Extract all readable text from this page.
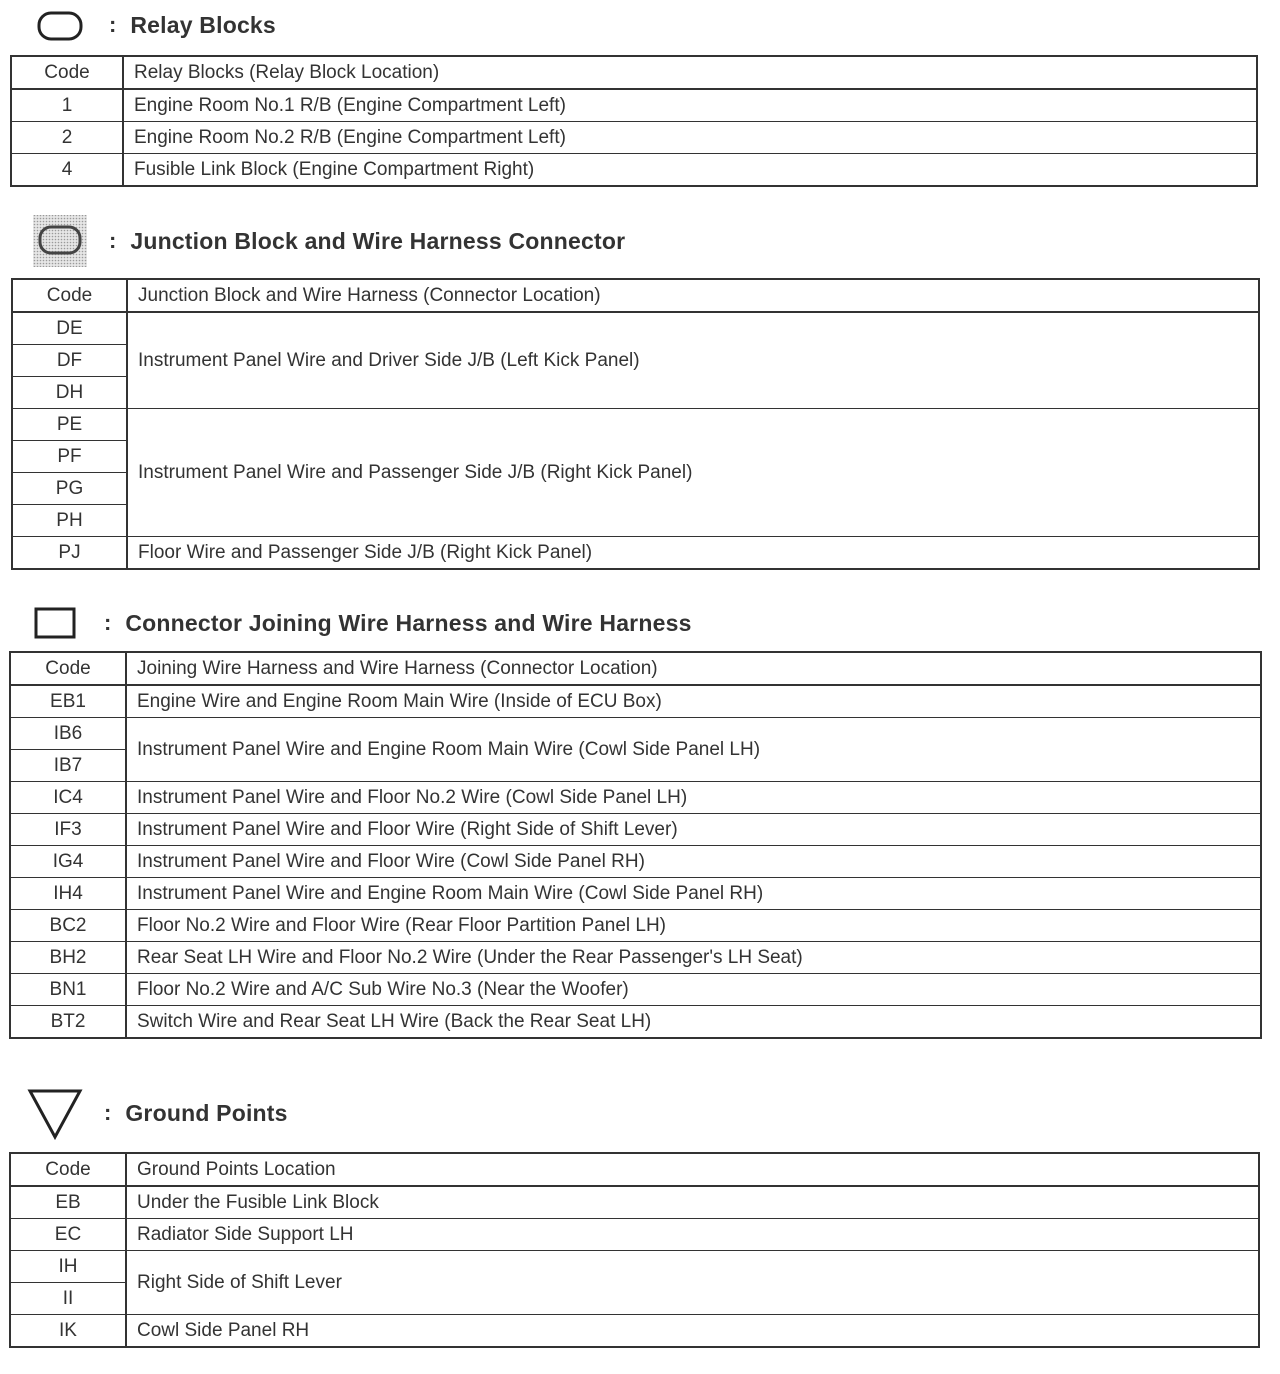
: Relay Blocks
Code	Relay Blocks (Relay Block Location)
1	Engine Room No.1 R/B (Engine Compartment Left)
2	Engine Room No.2 R/B (Engine Compartment Left)
4	Fusible Link Block (Engine Compartment Right)
: Junction Block and Wire Harness Connector
Code	Junction Block and Wire Harness (Connector Location)
DE	Instrument Panel Wire and Driver Side J/B (Left Kick Panel)
DF	
DH	
PE	Instrument Panel Wire and Passenger Side J/B (Right Kick Panel)
PF	
PG	
PH	
PJ	Floor Wire and Passenger Side J/B (Right Kick Panel)
: Connector Joining Wire Harness and Wire Harness
Code	Joining Wire Harness and Wire Harness (Connector Location)
EB1	Engine Wire and Engine Room Main Wire (Inside of ECU Box)
IB6	Instrument Panel Wire and Engine Room Main Wire (Cowl Side Panel LH)
IB7	
IC4	Instrument Panel Wire and Floor No.2 Wire (Cowl Side Panel LH)
IF3	Instrument Panel Wire and Floor Wire (Right Side of Shift Lever)
IG4	Instrument Panel Wire and Floor Wire (Cowl Side Panel RH)
IH4	Instrument Panel Wire and Engine Room Main Wire (Cowl Side Panel RH)
BC2	Floor No.2 Wire and Floor Wire (Rear Floor Partition Panel LH)
BH2	Rear Seat LH Wire and Floor No.2 Wire (Under the Rear Passenger's LH Seat)
BN1	Floor No.2 Wire and A/C Sub Wire No.3 (Near the Woofer)
BT2	Switch Wire and Rear Seat LH Wire (Back the Rear Seat LH)
: Ground Points
Code	Ground Points Location
EB	Under the Fusible Link Block
EC	Radiator Side Support LH
IH	Right Side of Shift Lever
II	
IK	Cowl Side Panel RH
